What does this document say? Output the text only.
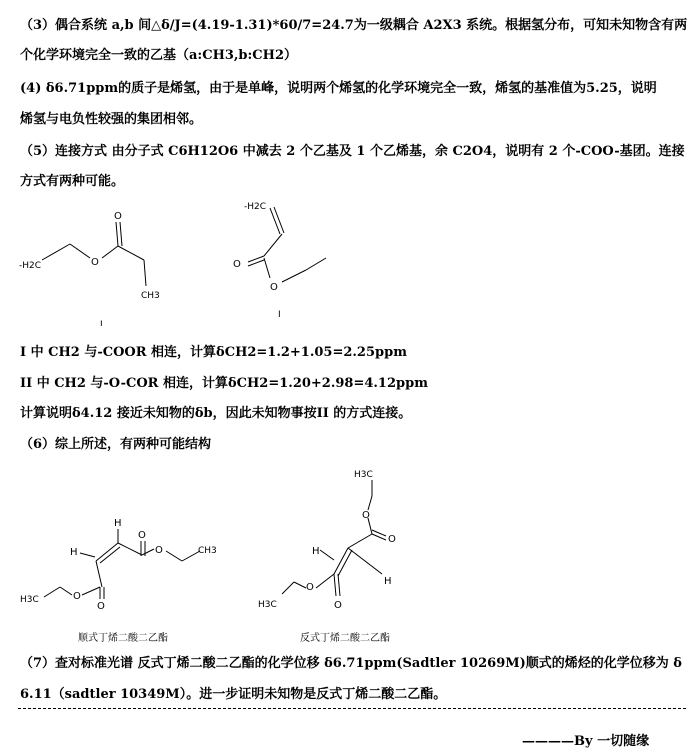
（3）偶合系统 a,b 间△δ/J=(4.19-1.31)*60/7=24.7为一级耦合 A2X3 系统。根据氢分布，可知未知物含有两
个化学环境完全一致的乙基（a:CH3,b:CH2）
(4) δ6.71ppm的质子是烯氢，由于是单峰，说明两个烯氢的化学环境完全一致，烯氢的基准值为5.25，说明
烯氢与电负性较强的集团相邻。
（5）连接方式 由分子式 C6H12O6 中减去 2 个乙基及 1 个乙烯基，余 C2O4，说明有 2 个-COO-基团。连接
方式有两种可能。
-H2C	O
O
CH3
I
-H2C
O
O
I
I 中 CH2 与-COOR 相连，计算δCH2=1.2+1.05=2.25ppm
II 中 CH2 与-O-COR 相连，计算δCH2=1.20+2.98=4.12ppm
计算说明δ4.12 接近未知物的δb，因此未知物事按II 的方式连接。
（6）综上所述，有两种可能结构
H
H
O
O	CH3
O
O
H3C
顺式丁烯二酸二乙酯
H3C
O
O
H
H
O
O
H3C
反式丁烯二酸二乙酯
（7）查对标准光谱 反式丁烯二酸二乙酯的化学位移 δ6.71ppm(Sadtler 10269M)顺式的烯烃的化学位移为 δ
6.11（sadtler 10349M）。进一步证明未知物是反式丁烯二酸二乙酯。
————By 一切随缘
